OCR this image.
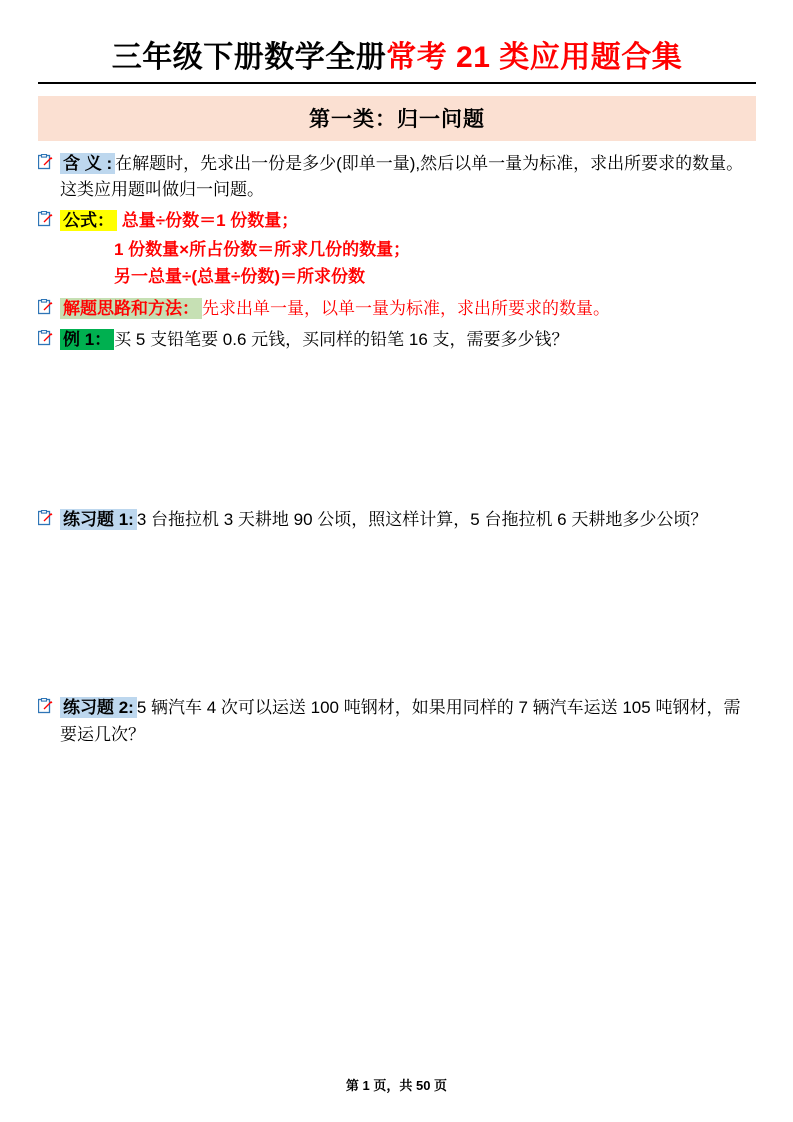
三年级下册数学全册常考 21 类应用题合集
第一类：归一问题
含 义 : 在解题时，先求出一份是多少(即单一量),然后以单一量为标准，求出所要求的数量。这类应用题叫做归一问题。
公式： 总量÷份数＝1 份数量；
1 份数量×所占份数＝所求几份的数量；
另一总量÷(总量÷份数)＝所求份数
解题思路和方法： 先求出单一量，以单一量为标准，求出所要求的数量。
例 1： 买 5 支铅笔要 0.6 元钱，买同样的铅笔 16 支，需要多少钱？
练习题 1: 3 台拖拉机 3 天耕地 90 公顷，照这样计算，5 台拖拉机 6 天耕地多少公顷？
练习题 2: 5 辆汽车 4 次可以运送 100 吨钢材，如果用同样的 7 辆汽车运送 105 吨钢材，需要运几次？
第 1 页，共 50 页
